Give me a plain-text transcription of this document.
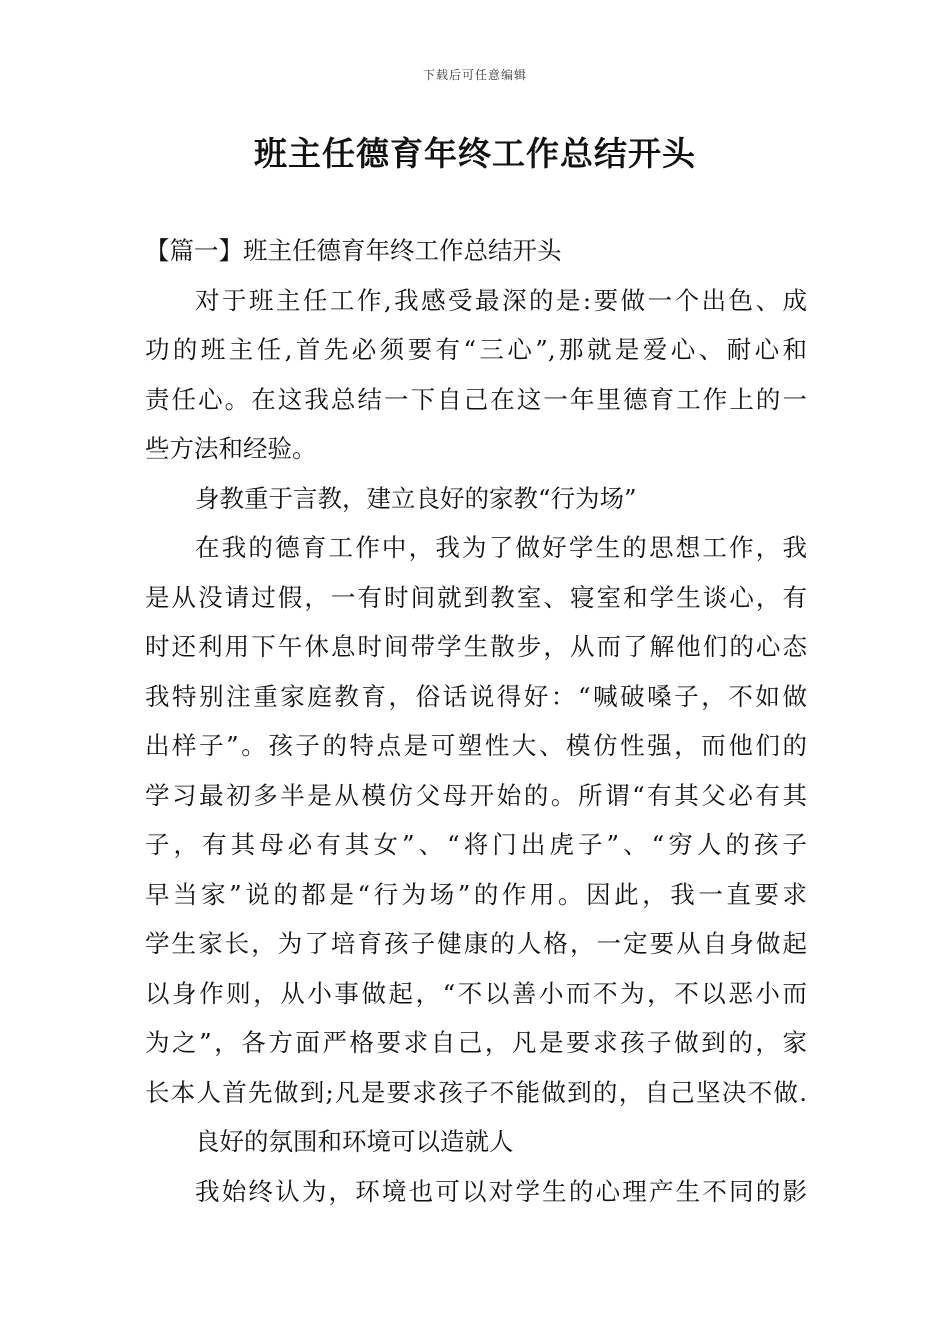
下载后可任意编辑
班主任德育年终工作总结开头
【篇一】班主任德育年终工作总结开头
对于班主任工作,我感受最深的是:要做一个出色、成
功的班主任,首先必须要有“三心”,那就是爱心、耐心和
责任心。在这我总结一下自己在这一年里德育工作上的一
些方法和经验。
身教重于言教，建立良好的家教“行为场”
在我的德育工作中，我为了做好学生的思想工作，我
是从没请过假，一有时间就到教室、寝室和学生谈心，有
时还利用下午休息时间带学生散步，从而了解他们的心态
我特别注重家庭教育，俗话说得好：“喊破嗓子，不如做
出样子”。孩子的特点是可塑性大、模仿性强，而他们的
学习最初多半是从模仿父母开始的。所谓“有其父必有其
子，有其母必有其女”、“将门出虎子”、“穷人的孩子
早当家”说的都是“行为场”的作用。因此，我一直要求
学生家长，为了培育孩子健康的人格，一定要从自身做起
以身作则，从小事做起，“不以善小而不为，不以恶小而
为之”，各方面严格要求自己，凡是要求孩子做到的，家
长本人首先做到;凡是要求孩子不能做到的，自己坚决不做.
良好的氛围和环境可以造就人
我始终认为，环境也可以对学生的心理产生不同的影
